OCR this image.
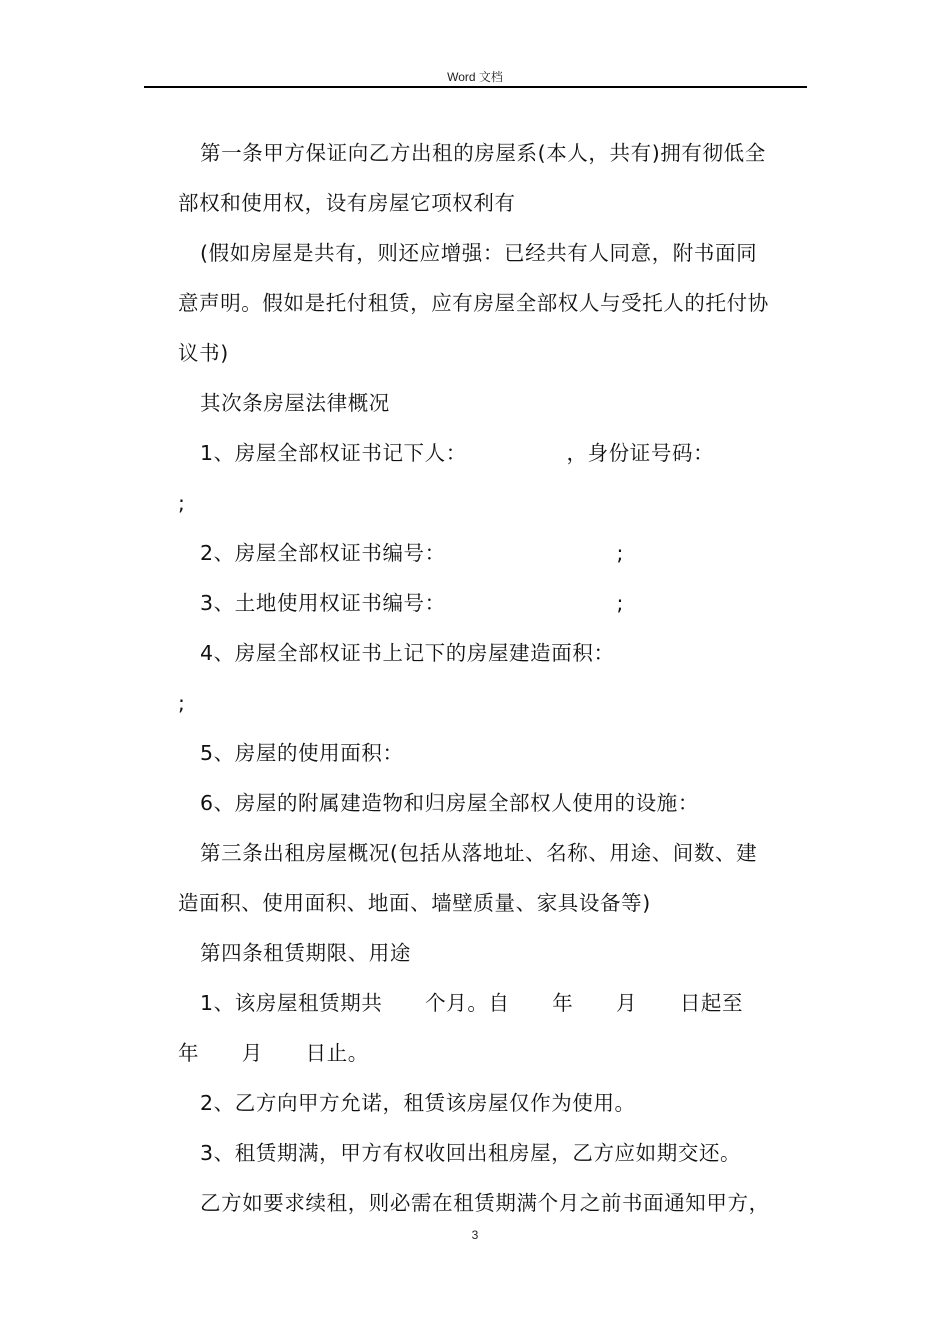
Word 文档
第一条甲方保证向乙方出租的房屋系(本人，共有)拥有彻低全
部权和使用权，设有房屋它项权利有
(假如房屋是共有，则还应增强：已经共有人同意，附书面同
意声明。假如是托付租赁，应有房屋全部权人与受托人的托付协
议书)
其次条房屋法律概况
1、房屋全部权证书记下人：              ，身份证号码：
;
2、房屋全部权证书编号：                        ;
3、土地使用权证书编号：                        ;
4、房屋全部权证书上记下的房屋建造面积：
;
5、房屋的使用面积：
6、房屋的附属建造物和归房屋全部权人使用的设施：
第三条出租房屋概况(包括从落地址、名称、用途、间数、建
造面积、使用面积、地面、墙壁质量、家具设备等)
第四条租赁期限、用途
1、该房屋租赁期共      个月。自      年      月      日起至
年      月      日止。
2、乙方向甲方允诺，租赁该房屋仅作为使用。
3、租赁期满，甲方有权收回出租房屋，乙方应如期交还。
乙方如要求续租，则必需在租赁期满个月之前书面通知甲方，
3
